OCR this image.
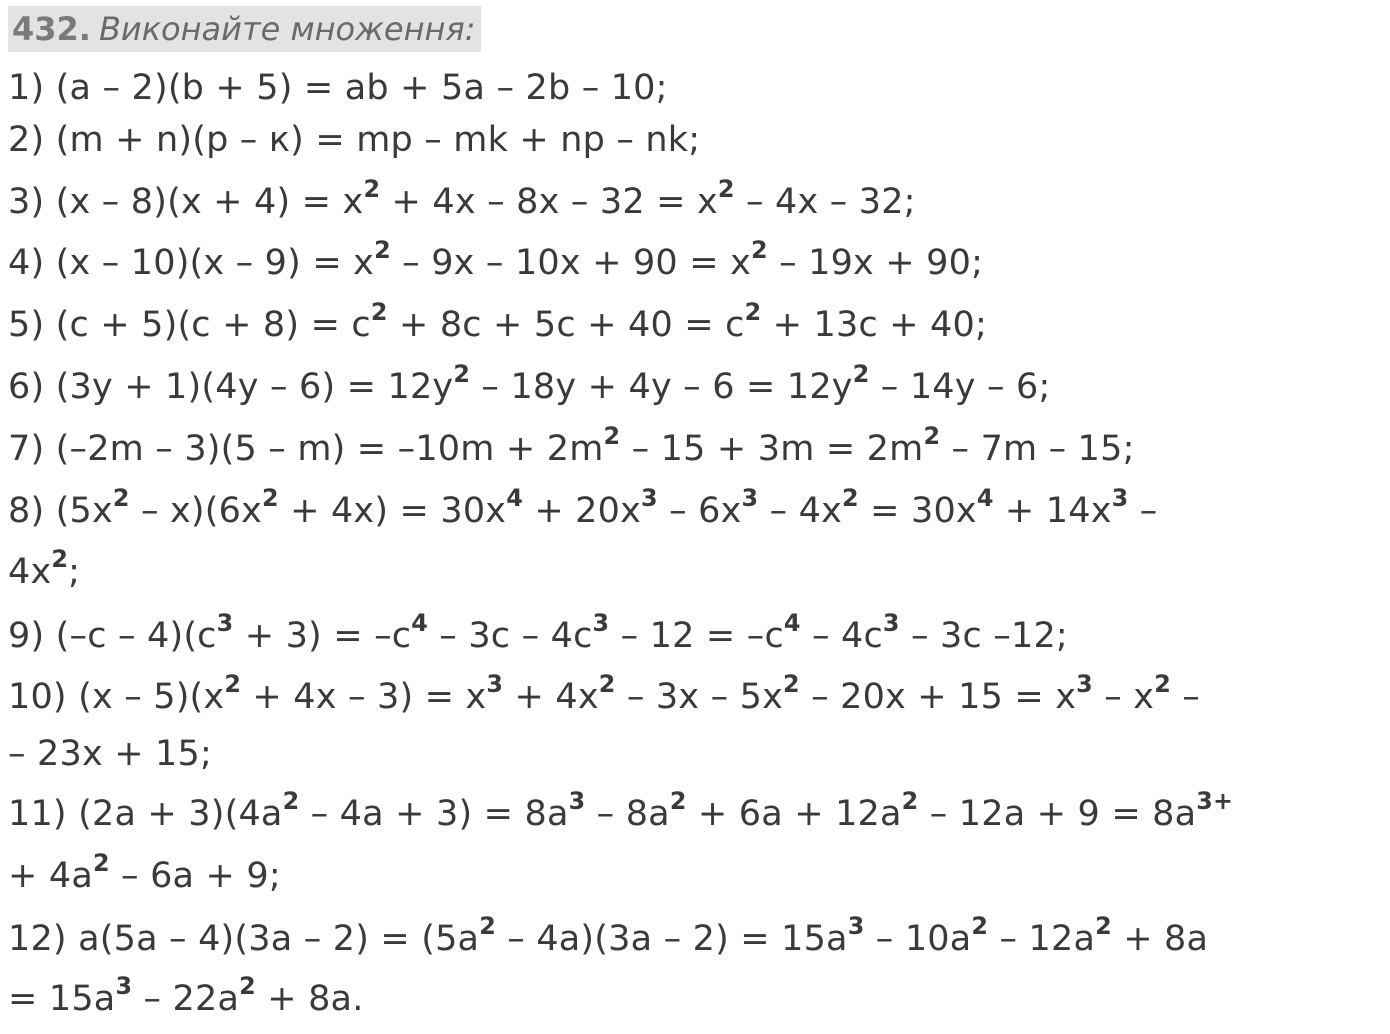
432. Виконайте множення:
1) (a – 2)(b + 5) = ab + 5a – 2b – 10;
2) (m + n)(p – к) = mp – mk + np – nk;
3) $(x - 8)(x + 4) = x^2 + 4x - 8x - 32 = x^2 - 4x - 32$;
4) $(x - 10)(x - 9) = x^2 - 9x - 10x + 90 = x^2 - 19x + 90$;
5) $(c + 5)(c + 8) = c^2 + 8c + 5c + 40 = c^2 + 13c + 40$;
6) $(3y + 1)(4y - 6) = 12y^2 - 18y + 4y - 6 = 12y^2 - 14y - 6$;
7) $(-2m - 3)(5 - m) = -10m + 2m^2 - 15 + 3m = 2m^2 - 7m - 15$;
8) $(5x^2 - x)(6x^2 + 4x) = 30x^4 + 20x^3 - 6x^3 - 4x^2 = 30x^4 + 14x^3$ –
$4x^2$;
9) $(-c - 4)(c^3 + 3) = -c^4 - 3c - 4c^3 - 12 = -c^4 - 4c^3 - 3c$ –12;
10) $(x - 5)(x^2 + 4x - 3) = x^3 + 4x^2 - 3x - 5x^2 - 20x + 15 = x^3 - x^2$ –
– 23x + 15;
11) $(2a + 3)(4a^2 - 4a + 3) = 8a^3 - 8a^2 + 6a + 12a^2 - 12a + 9 = 8a^{3+}$
+ $4a^2 - 6a + 9$;
12) $a(5a - 4)(3a - 2) = (5a^2 - 4a)(3a - 2) = 15a^3 - 10a^2 - 12a^2 + 8a$
= $15a^3 - 22a^2 + 8a$.
